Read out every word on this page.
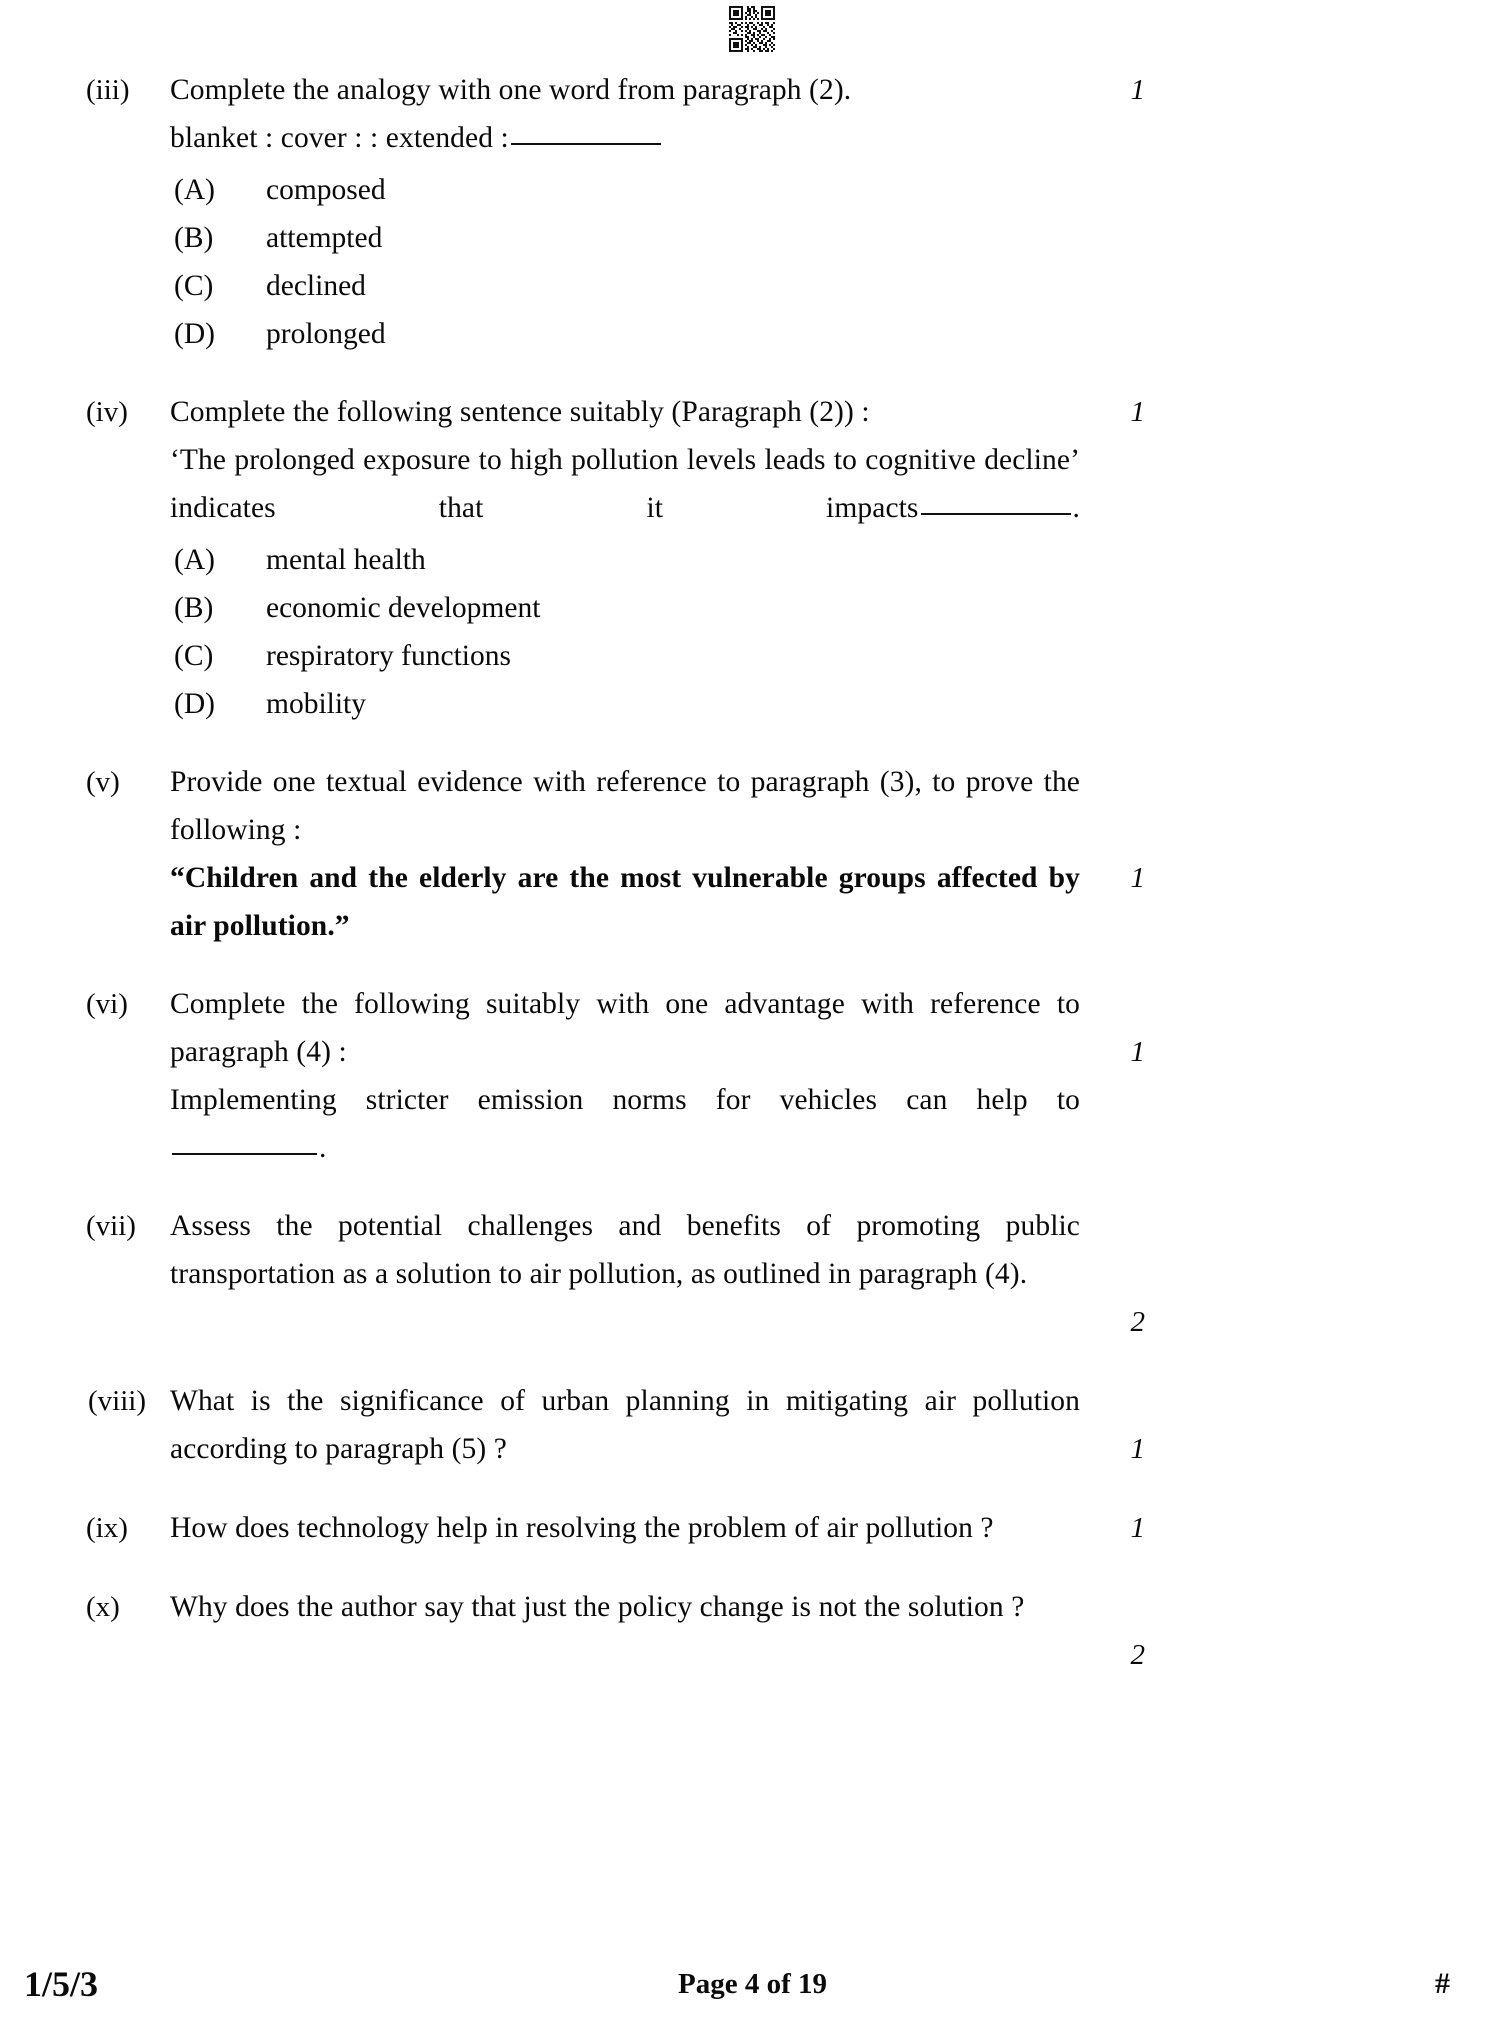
(iii)	Complete the analogy with one word from paragraph (2).
blanket : cover : : extended :
(A)	composed
(B)	attempted
(C)	declined
(D)	prolonged
1
(iv)	Complete the following sentence suitably (Paragraph (2)) :
‘The prolonged exposure to high pollution levels leads to cognitive decline’ indicates that it impacts	.
(A)	mental health
(B)	economic development
(C)	respiratory functions
(D)	mobility
1
(v)	Provide one textual evidence with reference to paragraph (3), to prove the following :
“Children and the elderly are the most vulnerable groups affected by air pollution.”
1
(vi)	Complete the following suitably with one advantage with reference to paragraph (4) :
Implementing stricter emission norms for vehicles can help to
.
1
(vii)	Assess the potential challenges and benefits of promoting public transportation as a solution to air pollution, as outlined in paragraph (4).
2
(viii) What is the significance of urban planning in mitigating air pollution according to paragraph (5) ?	1
(ix)	How does technology help in resolving the problem of air pollution ?	1
(x)	Why does the author say that just the policy change is not the solution ?
2
1/5/3	Page 4 of 19	#
